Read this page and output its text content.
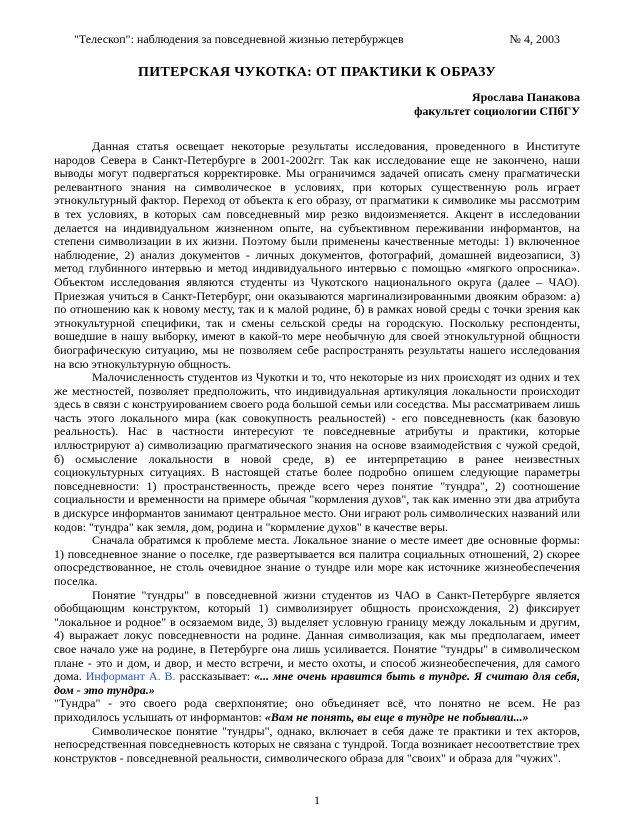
"Телескоп": наблюдения за повседневной жизнью петербуржцев	№ 4, 2003
ПИТЕРСКАЯ ЧУКОТКА: ОТ ПРАКТИКИ К ОБРАЗУ
Ярослава Панакова
факультет социологии СПбГУ

Данная статья освещает некоторые результаты исследования, проведенного в Институте народов Севера в Санкт-Петербурге в 2001-2002гг. Так как исследование еще не закончено, наши выводы могут подвергаться корректировке. Мы ограничимся задачей описать смену прагматически релевантного знания на символическое в условиях, при которых существенную роль играет этнокультурный фактор. Переход от объекта к его образу, от прагматики к символике мы рассмотрим в тех условиях, в которых сам повседневный мир резко видоизменяется. Акцент в исследовании делается на индивидуальном жизненном опыте, на субъективном переживании информантов, на степени символизации в их жизни. Поэтому были применены качественные методы: 1) включенное наблюдение, 2) анализ документов - личных документов, фотографий, домашней видеозаписи, 3) метод глубинного интервью и метод индивидуального интервью с помощью «мягкого опросника». Объектом исследования являются студенты из Чукотского национального округа (далее – ЧАО). Приезжая учиться в Санкт-Петербург, они оказываются маргинализированными двояким образом: а) по отношению как к новому месту, так и к малой родине, б) в рамках новой среды с точки зрения как этнокультурной специфики, так и смены сельской среды на городскую. Поскольку респонденты, вошедшие в нашу выборку, имеют в какой-то мере необычную для своей этнокультурной общности биографическую ситуацию, мы не позволяем себе распространять результаты нашего исследования на всю этнокультурную общность.

Малочисленность студентов из Чукотки и то, что некоторые из них происходят из одних и тех же местностей, позволяет предположить, что индивидуальная артикуляция локальности происходит здесь в связи с конструированием своего рода большой семьи или соседства. Мы рассматриваем лишь часть этого локального мира (как совокупность реальностей) - его повседневность (как базовую реальность). Нас в частности интересуют те повседневные атрибуты и практики, которые иллюстрируют а) символизацию прагматического знания на основе взаимодействия с чужой средой, б) осмысление локальности в новой среде, в) ее интерпретацию в ранее неизвестных социокультурных ситуациях. В настоящей статье более подробно опишем следующие параметры повседневности: 1) пространственность, прежде всего через понятие "тундра", 2) соотношение социальности и временности на примере обычая "кормления духов", так как именно эти два атрибута в дискурсе информантов занимают центральное место. Они играют роль символических названий или кодов: "тундра" как земля, дом, родина и "кормление духов" в качестве веры.

Сначала обратимся к проблеме места. Локальное знание о месте имеет две основные формы: 1) повседневное знание о поселке, где развертывается вся палитра социальных отношений, 2) скорее опосредствованное, не столь очевидное знание о тундре или море как источнике жизнеобеспечения поселка.

Понятие "тундры" в повседневной жизни студентов из ЧАО в Санкт-Петербурге является обобщающим конструктом, который 1) символизирует общность происхождения, 2) фиксирует "локальное и родное" в осязаемом виде, 3) выделяет условную границу между локальным и другим, 4) выражает локус повседневности на родине. Данная символизация, как мы предполагаем, имеет свое начало уже на родине, в Петербурге она лишь усиливается. Понятие "тундры" в символическом плане - это и дом, и двор, и место встречи, и место охоты, и способ жизнеобеспечения, для самого дома. Информант А. В. рассказывает: «... мне очень нравится быть в тундре. Я считаю для себя, дом - это тундра.»

"Тундра" - это своего рода сверхпонятие; оно объединяет всё, что понятно не всем. Не раз приходилось услышать от информантов: «Вам не понять, вы еще в тундре не побывали...»

Символическое понятие "тундры", однако, включает в себя даже те практики и тех акторов, непосредственная повседневность которых не связана с тундрой. Тогда возникает несоответствие трех конструктов - повседневной реальности, символического образа для "своих" и образа для "чужих".

1
